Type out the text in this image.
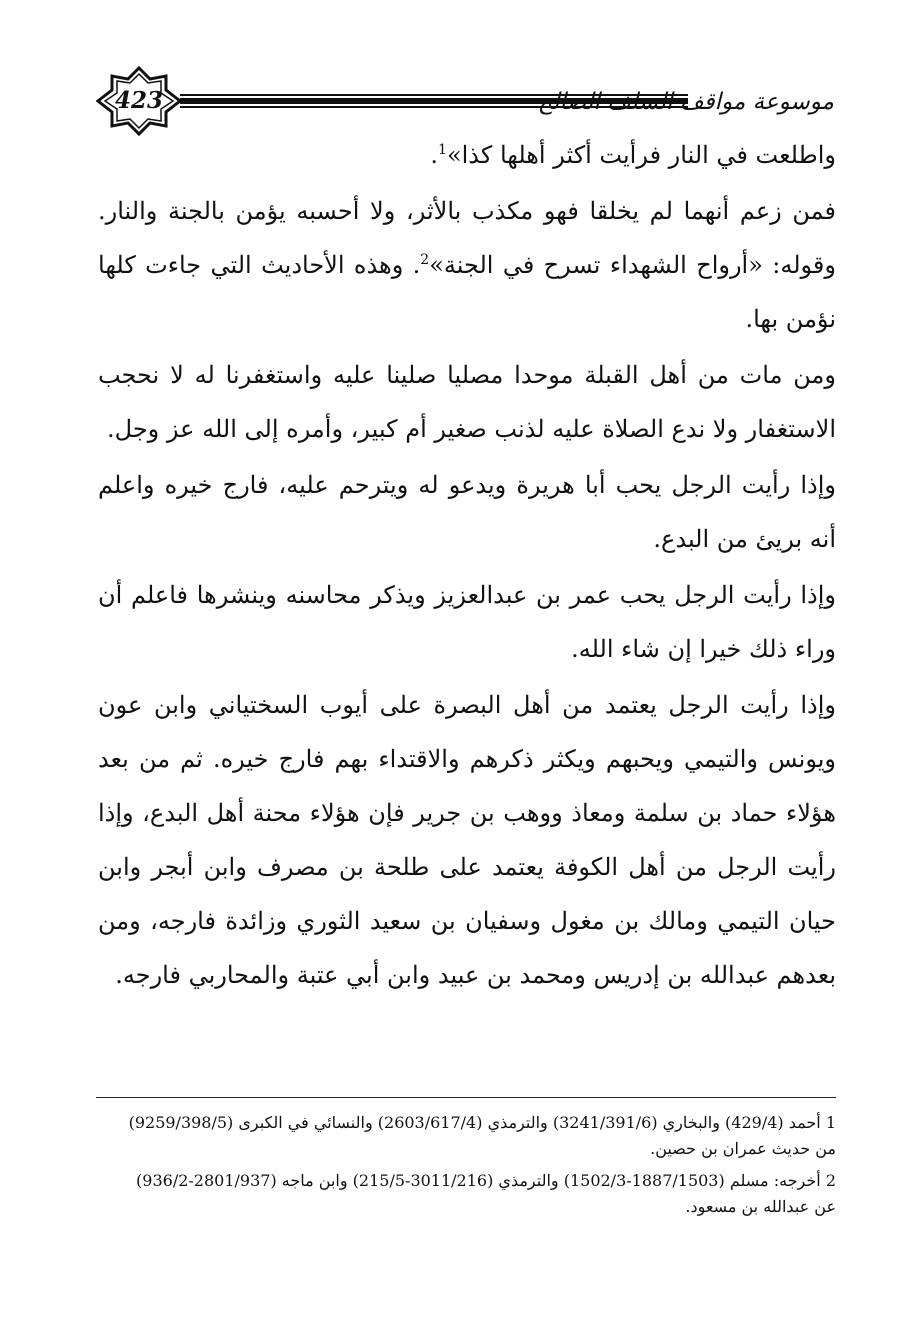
423	موسوعة مواقف السلف الصالح

واطلعت في النار فرأيت أكثر أهلها كذا»$^1$.

فمن زعم أنهما لم يخلقا فهو مكذب بالأثر، ولا أحسبه يؤمن بالجنة والنار. وقوله: «أرواح الشهداء تسرح في الجنة»$^2$. وهذه الأحاديث التي جاءت كلها نؤمن بها.

ومن مات من أهل القبلة موحدا مصليا صلينا عليه واستغفرنا له لا نحجب الاستغفار ولا ندع الصلاة عليه لذنب صغير أم كبير، وأمره إلى الله عز وجل.

وإذا رأيت الرجل يحب أبا هريرة ويدعو له ويترحم عليه، فارج خيره واعلم أنه بريئ من البدع.

وإذا رأيت الرجل يحب عمر بن عبدالعزيز ويذكر محاسنه وينشرها فاعلم أن وراء ذلك خيرا إن شاء الله.

وإذا رأيت الرجل يعتمد من أهل البصرة على أيوب السختياني وابن عون ويونس والتيمي ويحبهم ويكثر ذكرهم والاقتداء بهم فارج خيره. ثم من بعد هؤلاء حماد بن سلمة ومعاذ ووهب بن جرير فإن هؤلاء محنة أهل البدع، وإذا رأيت الرجل من أهل الكوفة يعتمد على طلحة بن مصرف وابن أبجر وابن حيان التيمي ومالك بن مغول وسفيان بن سعيد الثوري وزائدة فارجه، ومن بعدهم عبدالله بن إدريس ومحمد بن عبيد وابن أبي عتبة والمحاربي فارجه.

1 أحمد (429/4) والبخاري (3241/391/6) والترمذي (2603/617/4) والنسائي في الكبرى (9259/398/5)
من حديث عمران بن حصين.

2 أخرجه: مسلم (1887/1503-1502/3) والترمذي (3011/216-215/5) وابن ماجه (2801/937-936/2)
عن عبدالله بن مسعود.
